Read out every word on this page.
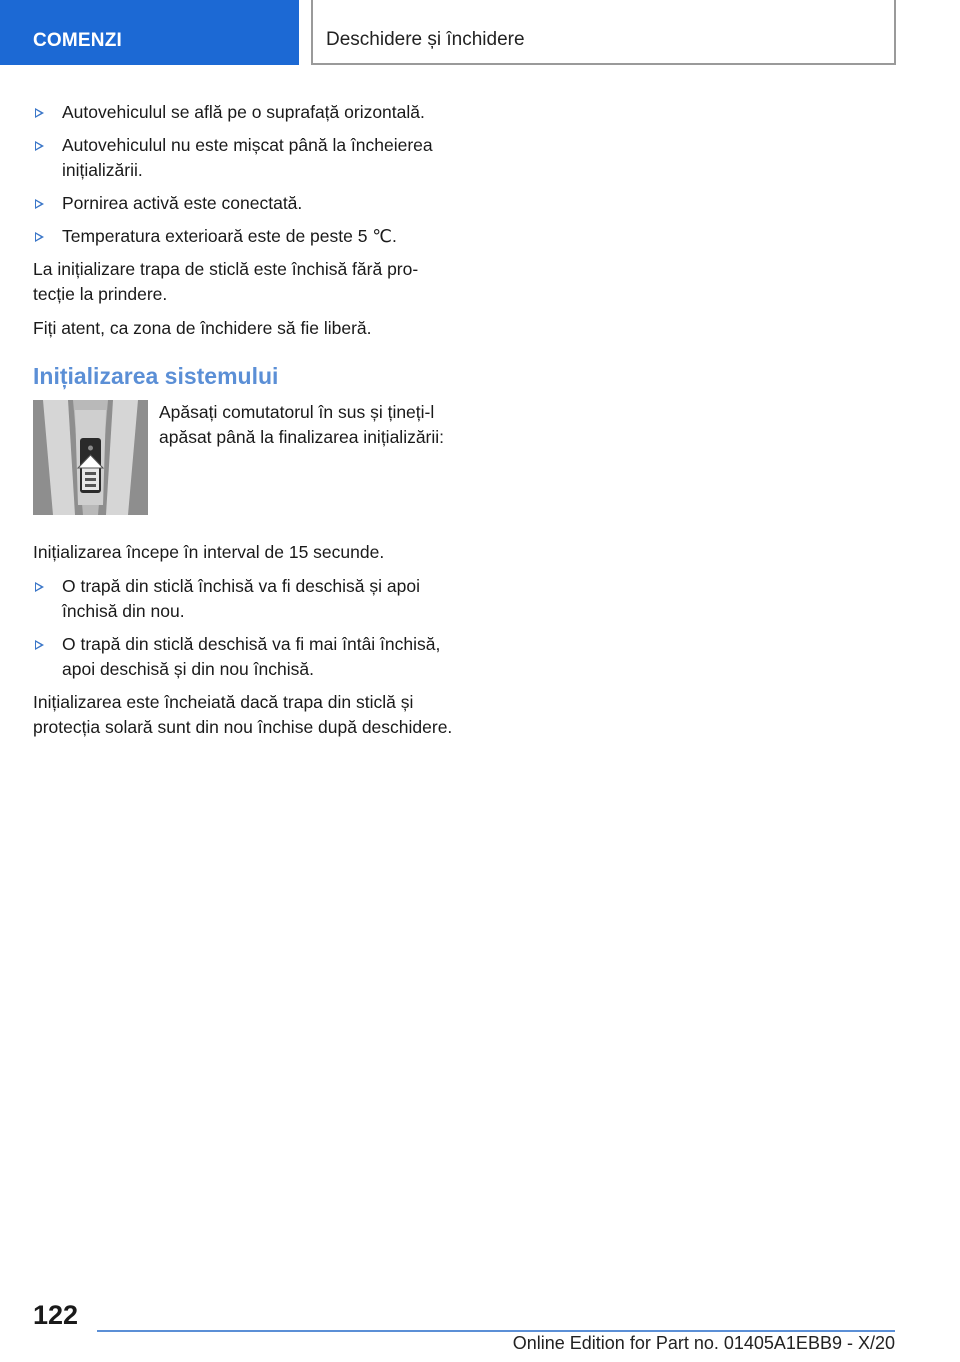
COMENZI	Deschidere și închidere
Autovehiculul se află pe o suprafață orizontală.
Autovehiculul nu este mișcat până la încheierea inițializării.
Pornirea activă este conectată.
Temperatura exterioară este de peste 5 ℃.

La inițializare trapa de sticlă este închisă fără protecție la prindere.

Fiți atent, ca zona de închidere să fie liberă.

Inițializarea sistemului

Apăsați comutatorul în sus și țineți-l apăsat până la finalizarea inițializării:

Inițializarea începe în interval de 15 secunde.

O trapă din sticlă închisă va fi deschisă și apoi închisă din nou.
O trapă din sticlă deschisă va fi mai întâi închisă, apoi deschisă și din nou închisă.

Inițializarea este încheiată dacă trapa din sticlă și protecția solară sunt din nou închise după deschidere.

122
Online Edition for Part no. 01405A1EBB9 - X/20
